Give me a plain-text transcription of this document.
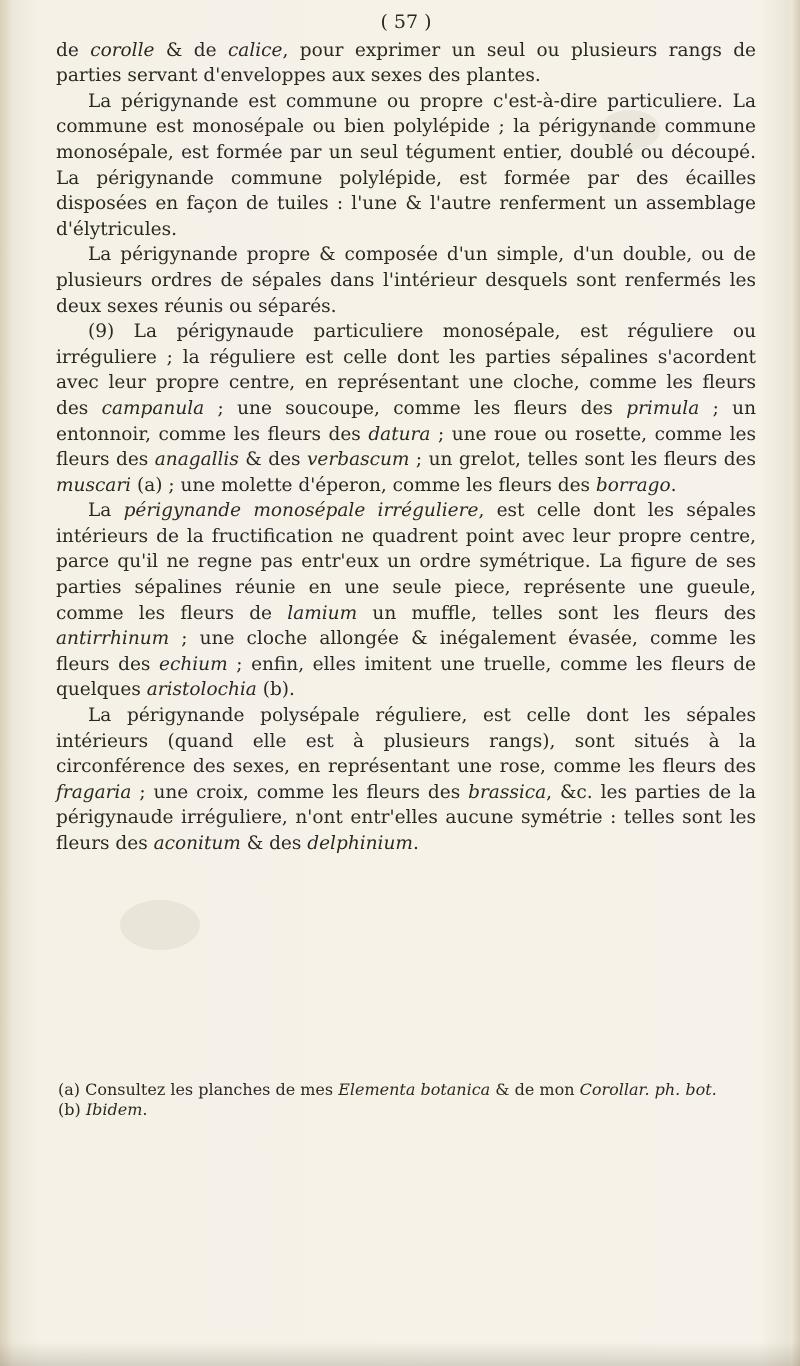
( 57 )

de corolle & de calice, pour exprimer un seul ou plusieurs rangs de parties servant d'enveloppes aux sexes des plantes.

La périgynande est commune ou propre c'est-à-dire particuliere. La commune est monosépale ou bien polylépide ; la périgynande commune monosépale, est formée par un seul tégument entier, doublé ou découpé. La périgynande commune polylépide, est formée par des écailles disposées en façon de tuiles : l'une & l'autre renferment un assemblage d'élytricules.

La périgynande propre & composée d'un simple, d'un double, ou de plusieurs ordres de sépales dans l'intérieur desquels sont renfermés les deux sexes réunis ou séparés.

(9) La périgynaude particuliere monosépale, est réguliere ou irréguliere ; la réguliere est celle dont les parties sépalines s'acordent avec leur propre centre, en représentant une cloche, comme les fleurs des campanula ; une soucoupe, comme les fleurs des primula ; un entonnoir, comme les fleurs des datura ; une roue ou rosette, comme les fleurs des anagallis & des verbascum ; un grelot, telles sont les fleurs des muscari (a) ; une molette d'éperon, comme les fleurs des borrago.

La périgynande monosépale irréguliere, est celle dont les sépales intérieurs de la fructification ne quadrent point avec leur propre centre, parce qu'il ne regne pas entr'eux un ordre symétrique. La figure de ses parties sépalines réunie en une seule piece, représente une gueule, comme les fleurs de lamium un muffle, telles sont les fleurs des antirrhinum ; une cloche allongée & inégalement évasée, comme les fleurs des echium ; enfin, elles imitent une truelle, comme les fleurs de quelques aristolochia (b).

La périgynande polysépale réguliere, est celle dont les sépales intérieurs (quand elle est à plusieurs rangs), sont situés à la circonférence des sexes, en représentant une rose, comme les fleurs des fragaria ; une croix, comme les fleurs des brassica, &c. les parties de la périgynaude irréguliere, n'ont entr'elles aucune symétrie : telles sont les fleurs des aconitum & des delphinium.

(a) Consultez les planches de mes Elementa botanica & de mon Corollar. ph. bot.
(b) Ibidem.
